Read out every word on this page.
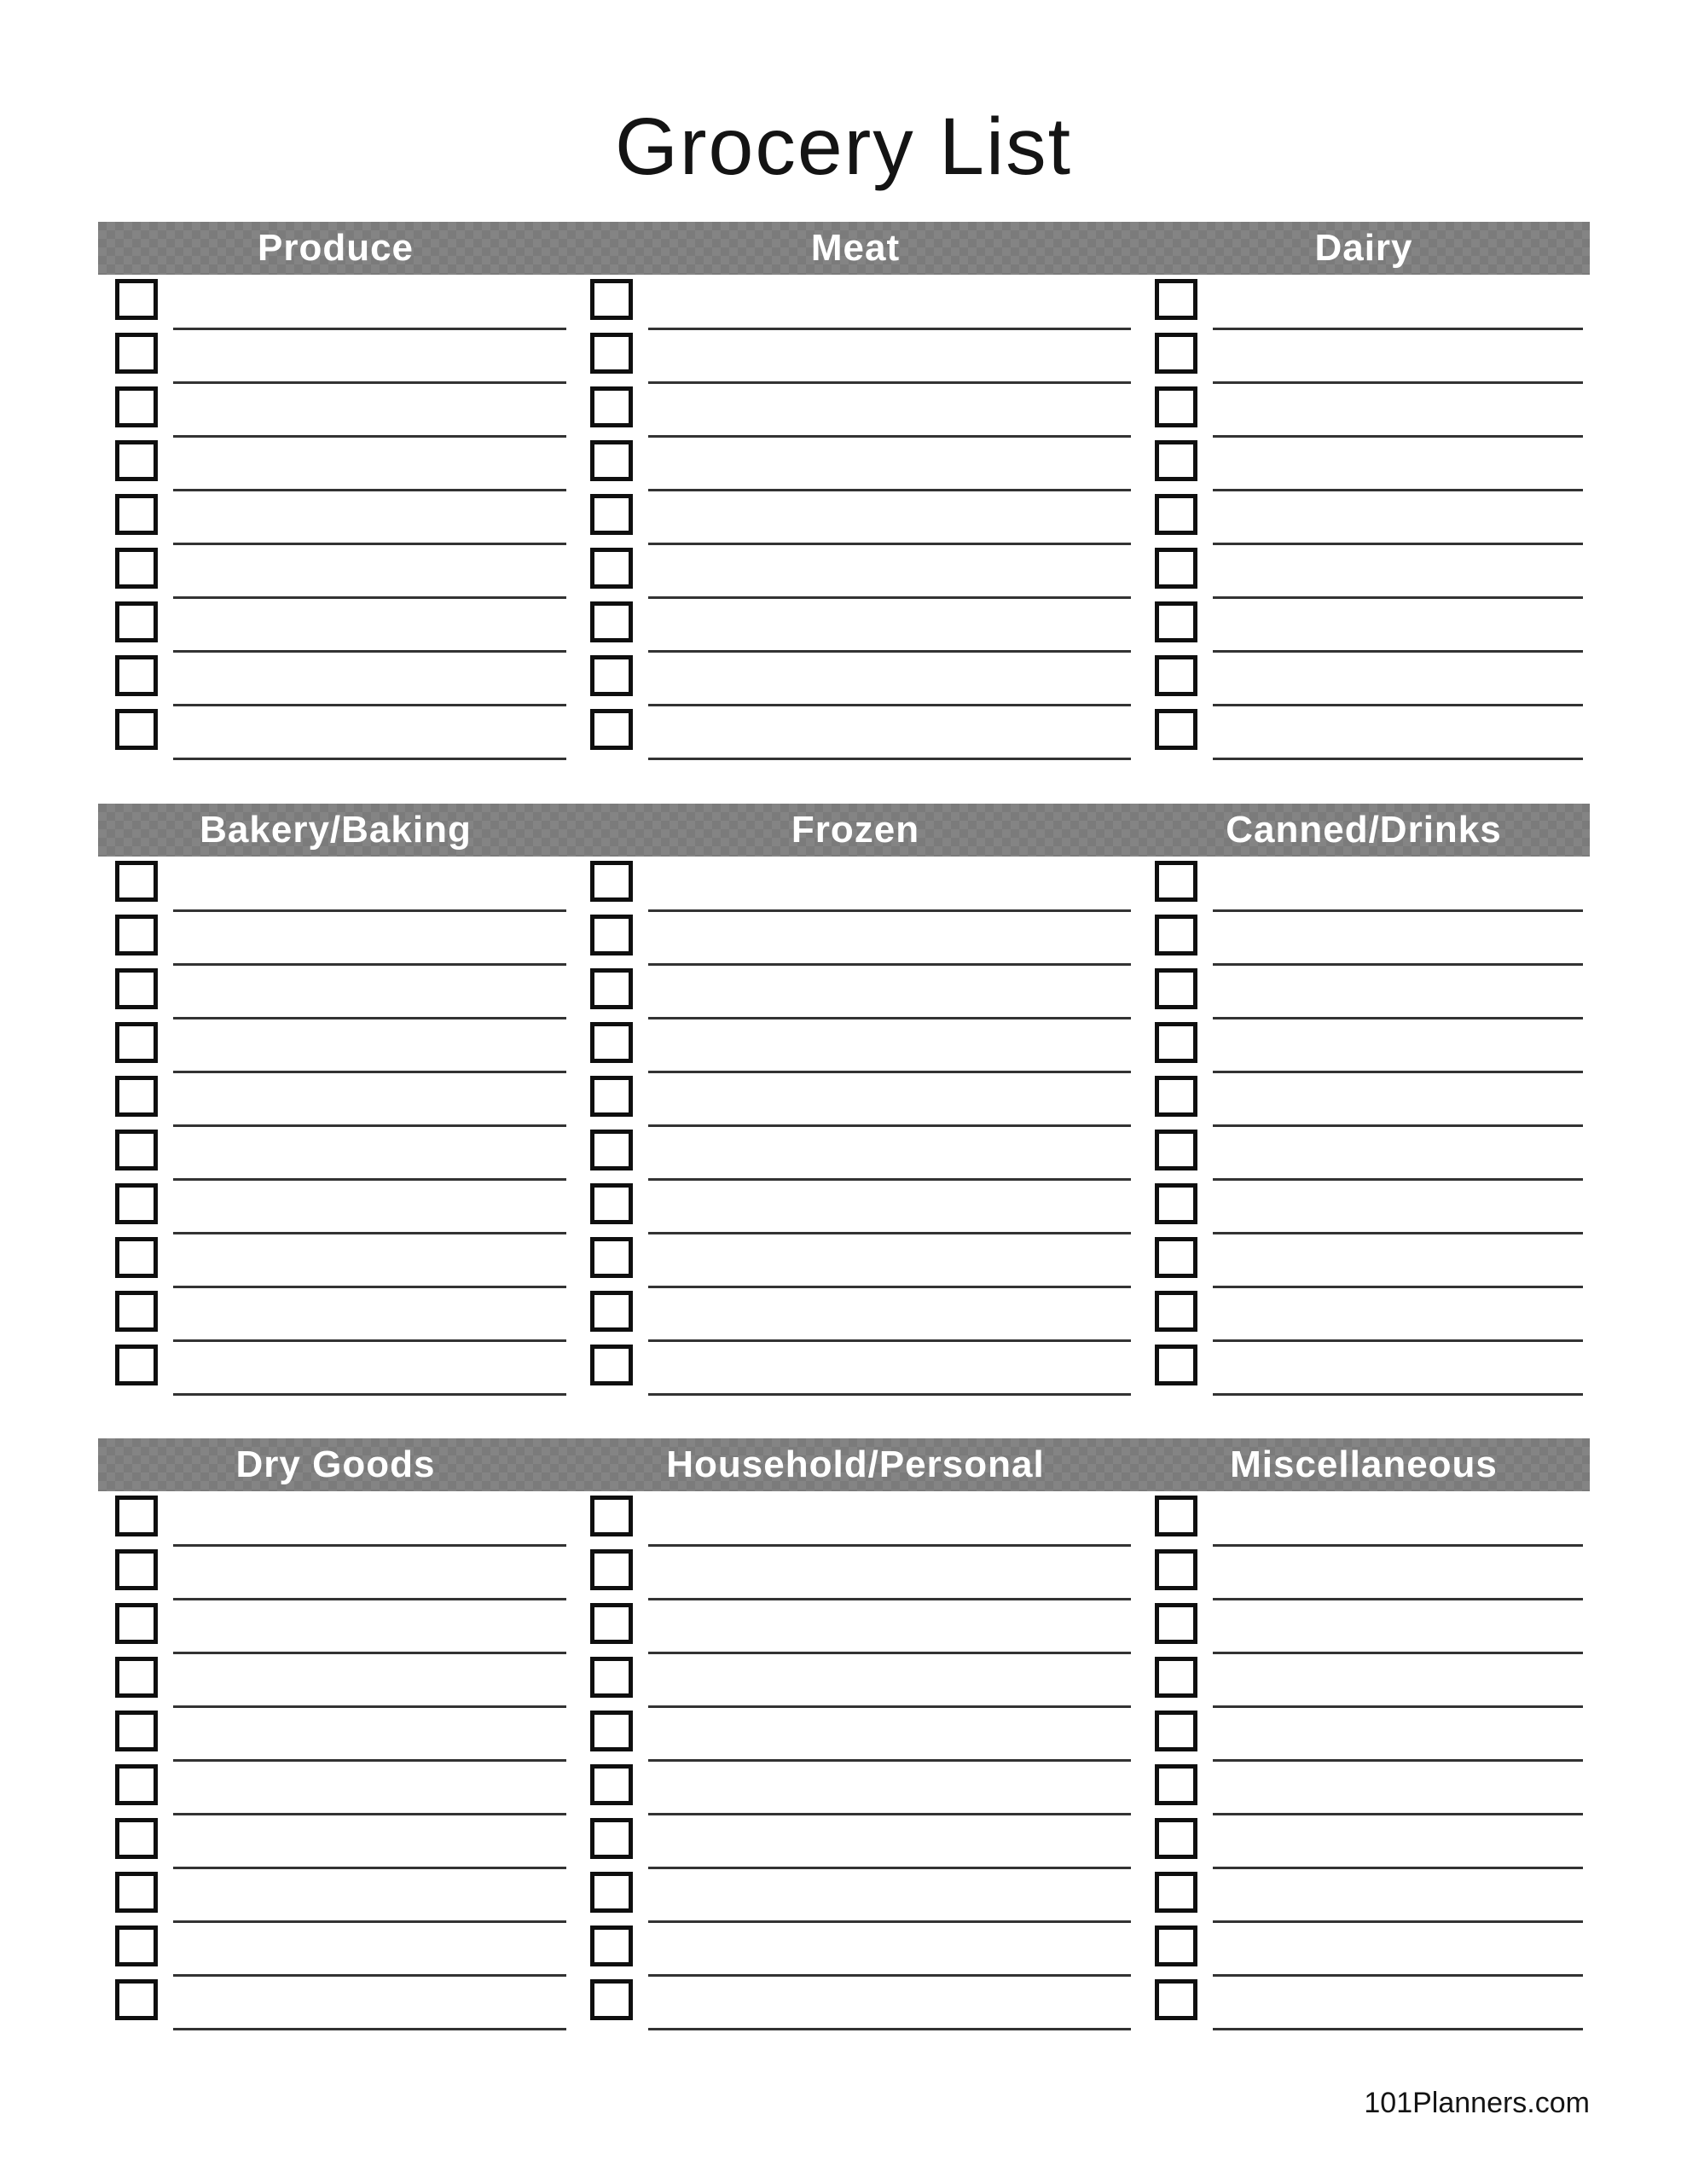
Grocery List
Produce	Meat	Dairy
Bakery/Baking	Frozen	Canned/Drinks
Dry Goods	Household/Personal	Miscellaneous
101Planners.com
